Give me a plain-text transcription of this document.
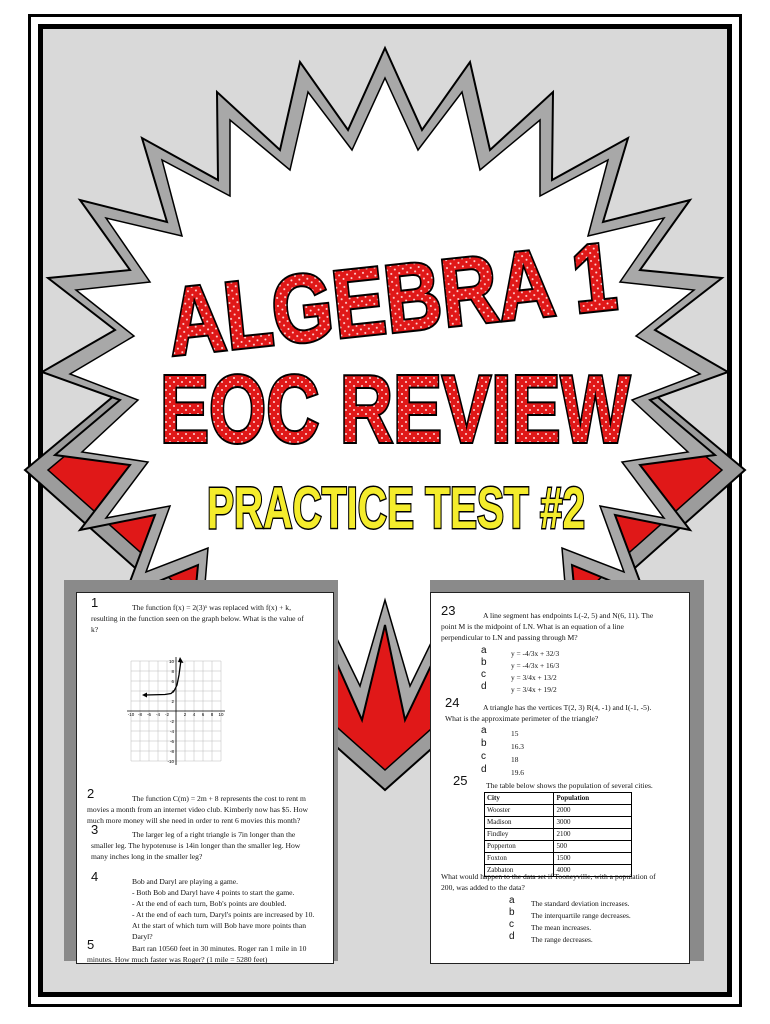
ALGEBRA 1
EOC REVIEW
PRACTICE TEST #2
1	The function f(x) = 2(3)ˣ was replaced with f(x) + k,
resulting in the function seen on the graph below. What is the value of
k?
-10 -8 -6 -4 -2	2 4 6 8 10
10
8
6
4
2
-2
-4
-6
-8
-10
2	The function C(m) = 2m + 8 represents the cost to rent m
movies a month from an internet video club. Kimberly now has $5. How
much more money will she need in order to rent 6 movies this month?
3	The larger leg of a right triangle is 7in longer than the
smaller leg. The hypotenuse is 14in longer than the smaller leg. How
many inches long in the smaller leg?
4	Bob and Daryl are playing a game.
- Both Bob and Daryl have 4 points to start the game.
- At the end of each turn, Bob's points are doubled.
- At the end of each turn, Daryl's points are increased by 10.
At the start of which turn will Bob have more points than
Daryl?
5	Bart ran 10560 feet in 30 minutes. Roger ran 1 mile in 10
minutes. How much faster was Roger? (1 mile = 5280 feet)
23	A line segment has endpoints L(-2, 5) and N(6, 11). The
point M is the midpoint of LN. What is an equation of a line
perpendicular to LN and passing through M?
a	y = -4/3x + 32/3
b	y = -4/3x + 16/3
c	y = 3/4x + 13/2
d	y = 3/4x + 19/2
24	A triangle has the vertices T(2, 3) R(4, -1) and I(-1, -5).
What is the approximate perimeter of the triangle?
a	15
b	16.3
c	18
d	19.6
25 The table below shows the population of several cities.
City	Population
Wooster	2000
Madison	3000
Findley	2100
Popperton	500
Foxton	1500
Zabbaton	4000
What would happen to the data set if Tooneyville, with a population of
200, was added to the data?
a The standard deviation increases.
b The interquartile range decreases.
c The mean increases.
d The range decreases.
